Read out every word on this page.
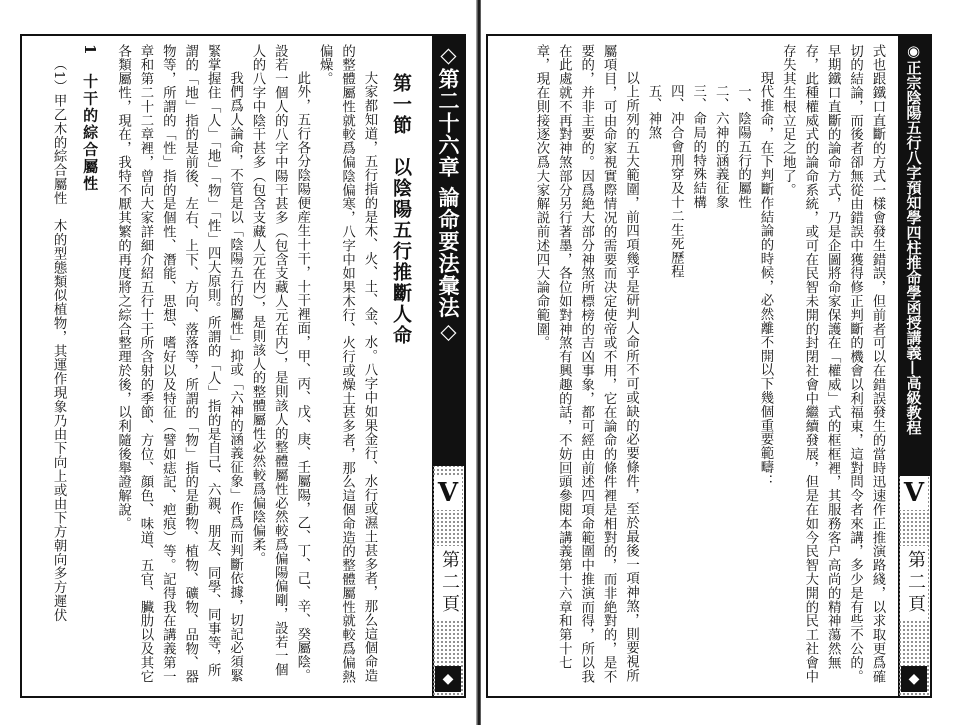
第一節　以陰陽五行推斷人命

大家都知道，五行指的是木、火、土、金、水。八字中如果金行、水行或濕土甚多者，那么這個命造的整體屬性就較爲偏陰偏寒，八字中如果木行、火行或燥土甚多者，那么這個命造的整體屬性就較爲偏熱偏燥。

此外，五行各分陰陽便産生十干，十干裡面，甲、丙、戊、庚、壬屬陽，乙、丁、己、辛、癸屬陰。設若一個人的八字中陽干甚多（包含支藏人元在内），是則該人的整體屬性必然較爲偏陽偏剛，設若一個人的八字中陰干甚多（包含支藏人元在内），是則該人的整體屬性必然較爲偏陰偏柔。

我們爲人論命，不管是以「陰陽五行的屬性」抑或「六神的涵義征象」作爲而判斷依據，切記必須緊緊掌握住「人」「地」「物」「性」四大原則。所謂的「人」指的是自己、六親、朋友、同學、同事等，所謂的「地」指的是前後、左右、上下、方向、落落等，所謂的「物」指的是動物、植物、礦物、品物、器物等，所謂的「性」指的是個性、潛能、思想、嗜好以及特征（譬如痣記、疤痕）等。記得我在講義第一章和第二十二章裡，曾向大家詳細介紹五行十干所含射的季節、方位、顔色、味道、五官、臟肋以及其它各類屬性，現在，我特不厭其繁的再度將之綜合整理於後，以利隨後舉證解說。

1　十干的綜合屬性

（1）甲乙木的綜合屬性　木的型態類似植物，其運作現象乃由下向上或由下方朝向多方遲伏	◇第二十六章 論命要法彙法◇
V
第二頁
◆	式也跟鐵口直斷的方式一樣會發生錯誤，但前者可以在錯誤發生的當時迅速作正推演路綫，以求取更爲確切的結論，而後者卻無從由錯誤中獲得修正判斷的機會以利福東，這對問令者來講，多少是有些不公的。早期鐵口直斷的論命方式，乃是企圖將命家保護在「權威」式的框框裡，其服務客户高尚的精神蕩然無存，此種權威式的論命系統，或可在民智未開的封閉社會中繼續發展，但是在如今民智大開的民工社會中存失其生根立足之地了。

現代推命，在下判斷作結論的時候，必然離不開以下幾個重要範疇：

一、陰陽五行的屬性

二、六神的涵義征象

三、命局的特殊結構

四、冲合會刑穿及十二生死歷程

五、神煞

以上所列的五大範圍，前四項幾乎是研判人命所不可或缺的必要條件，至於最後一項神煞，則要視所屬項目，可由命家視實際情况的需要而决定使帝或不用，它在論命的條件裡是相對的，而非絶對的，是不要的，并非主要的。因爲絶大部分神煞所標榜的吉凶事象，都可經由前述四項命範圍中推演而得，所以我在此處就不再對神煞部分另行著墨，各位如對神煞有興趣的話，不妨回頭參閲本講義第十六章和第十七章，現在則接逐次爲大家解説前述四大論命範圍。	◉正宗陰陽五行八字預知學四柱推命學函授講義—高級教程
V
第二頁
◆
